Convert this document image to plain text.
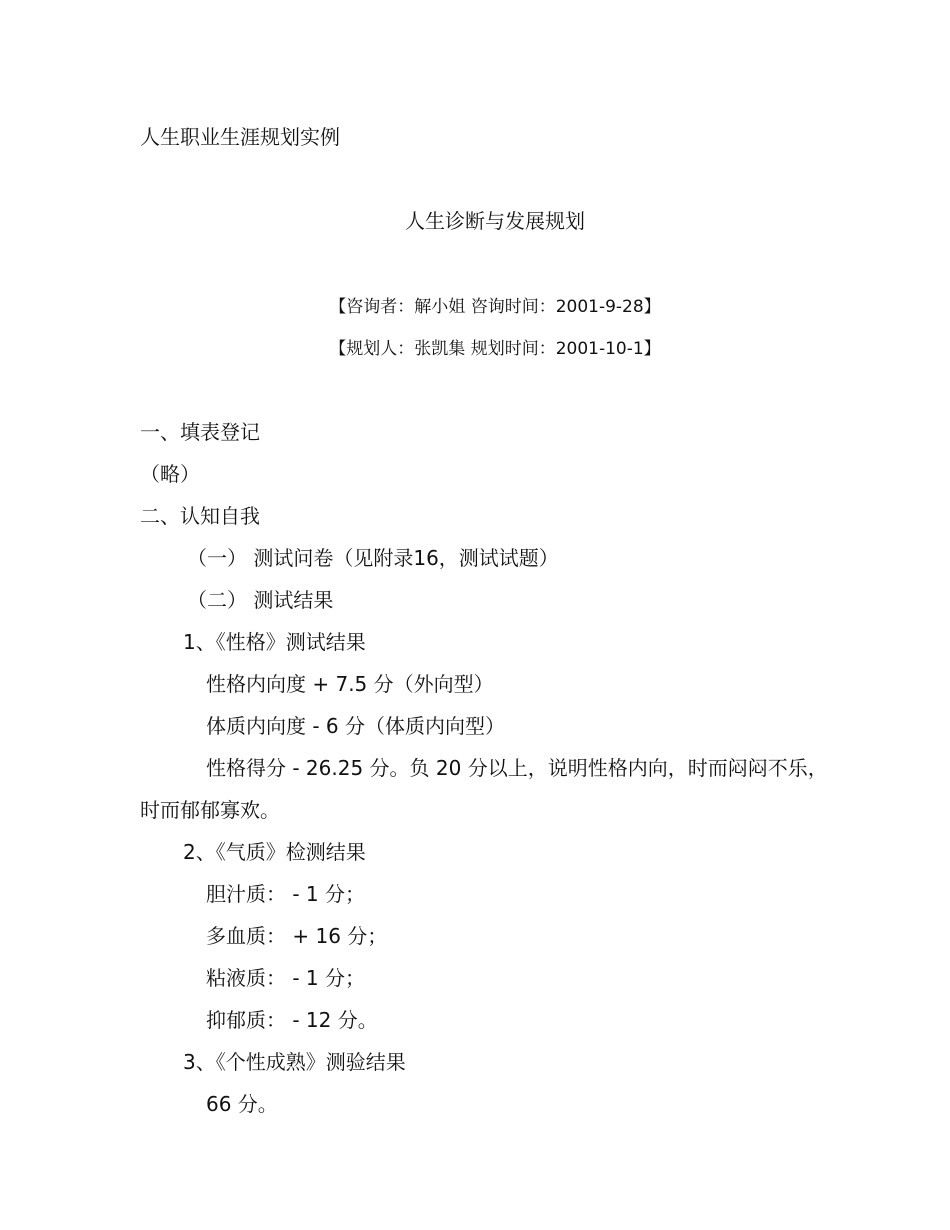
人生职业生涯规划实例
人生诊断与发展规划
【咨询者：解小姐 咨询时间：2001-9-28】
【规划人：张凯集 规划时间：2001-10-1】
一、填表登记
（略）
二、认知自我
（一） 测试问卷（见附录16，测试试题）
（二） 测试结果
1、《性格》测试结果
性格内向度 + 7.5 分（外向型）
体质内向度 - 6 分（体质内向型）
性格得分 - 26.25 分。负 20 分以上，说明性格内向，时而闷闷不乐，
时而郁郁寡欢。
2、《气质》检测结果
胆汁质： - 1 分；
多血质： + 16 分；
粘液质： - 1 分；
抑郁质： - 12 分。
3、《个性成熟》测验结果
66 分。
